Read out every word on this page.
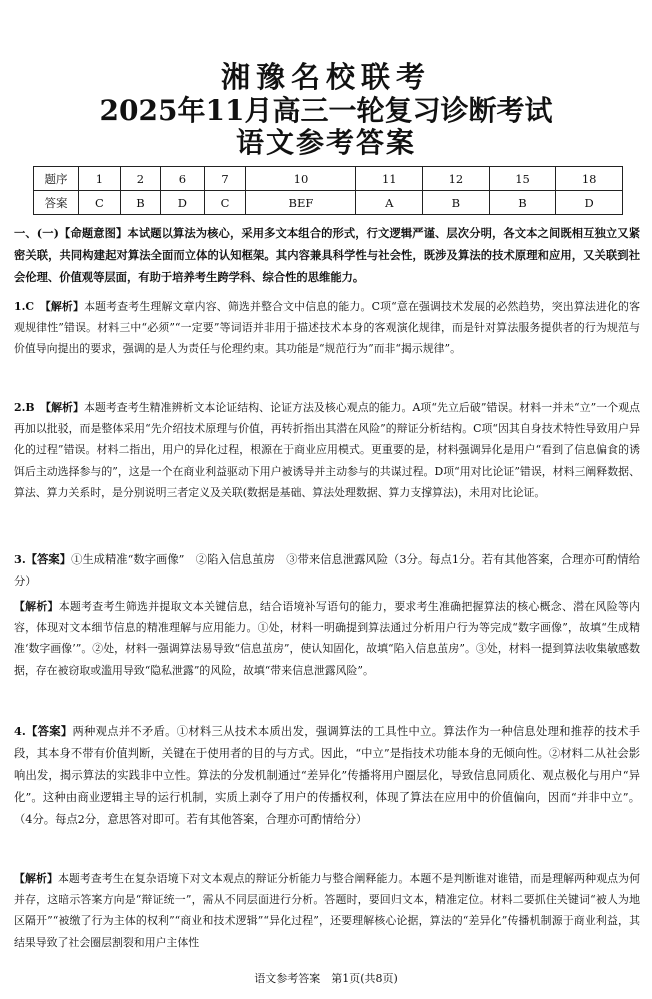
湘豫名校联考
2025年11月高三一轮复习诊断考试
语文参考答案
题序	1	2	6	7	10	11	12	15	18
答案	C	B	D	C	BEF	A	B	B	D

一、(一)【命题意图】本试题以算法为核心，采用多文本组合的形式，行文逻辑严谨、层次分明，各文本之间既相互独立又紧密关联，共同构建起对算法全面而立体的认知框架。其内容兼具科学性与社会性，既涉及算法的技术原理和应用，又关联到社会伦理、价值观等层面，有助于培养考生跨学科、综合性的思维能力。

1.C　【解析】本题考查考生理解文章内容、筛选并整合文中信息的能力。C项“意在强调技术发展的必然趋势，突出算法进化的客观规律性”错误。材料三中“必须”“一定要”等词语并非用于描述技术本身的客观演化规律，而是针对算法服务提供者的行为规范与价值导向提出的要求，强调的是人为责任与伦理约束。其功能是“规范行为”而非“揭示规律”。

2.B　【解析】本题考查考生精准辨析文本论证结构、论证方法及核心观点的能力。A项“先立后破”错误。材料一并未“立”一个观点再加以批驳，而是整体采用“先介绍技术原理与价值，再转折指出其潜在风险”的辩证分析结构。C项“因其自身技术特性导致用户异化的过程”错误。材料二指出，用户的异化过程，根源在于商业应用模式。更重要的是，材料强调异化是用户“看到了信息偏食的诱饵后主动选择参与的”，这是一个在商业利益驱动下用户被诱导并主动参与的共谋过程。D项“用对比论证”错误，材料三阐释数据、算法、算力关系时，是分别说明三者定义及关联(数据是基础、算法处理数据、算力支撑算法)，未用对比论证。

3.【答案】①生成精准“数字画像”　②陷入信息茧房　③带来信息泄露风险（3分。每点1分。若有其他答案，合理亦可酌情给分）

【解析】本题考查考生筛选并提取文本关键信息，结合语境补写语句的能力，要求考生准确把握算法的核心概念、潜在风险等内容，体现对文本细节信息的精准理解与应用能力。①处，材料一明确提到算法通过分析用户行为等完成“数字画像”，故填“生成精准‘数字画像’”。②处，材料一强调算法易导致“信息茧房”，使认知固化，故填“陷入信息茧房”。③处，材料一提到算法收集敏感数据，存在被窃取或滥用导致“隐私泄露”的风险，故填“带来信息泄露风险”。

4.【答案】两种观点并不矛盾。①材料三从技术本质出发，强调算法的工具性中立。算法作为一种信息处理和推荐的技术手段，其本身不带有价值判断，关键在于使用者的目的与方式。因此，“中立”是指技术功能本身的无倾向性。②材料二从社会影响出发，揭示算法的实践非中立性。算法的分发机制通过“差异化”传播将用户圈层化，导致信息同质化、观点极化与用户“异化”。这种由商业逻辑主导的运行机制，实质上剥夺了用户的传播权利，体现了算法在应用中的价值偏向，因而“并非中立”。（4分。每点2分，意思答对即可。若有其他答案，合理亦可酌情给分）

【解析】本题考查考生在复杂语境下对文本观点的辩证分析能力与整合阐释能力。本题不是判断谁对谁错，而是理解两种观点为何并存，这暗示答案方向是“辩证统一”，需从不同层面进行分析。答题时，要回归文本，精准定位。材料二要抓住关键词“被人为地区隔开”“被缴了行为主体的权利”“商业和技术逻辑”“异化过程”，还要理解核心论据，算法的“差异化”传播机制源于商业利益，其结果导致了社会圈层割裂和用户主体性

语文参考答案　第1页(共8页)
